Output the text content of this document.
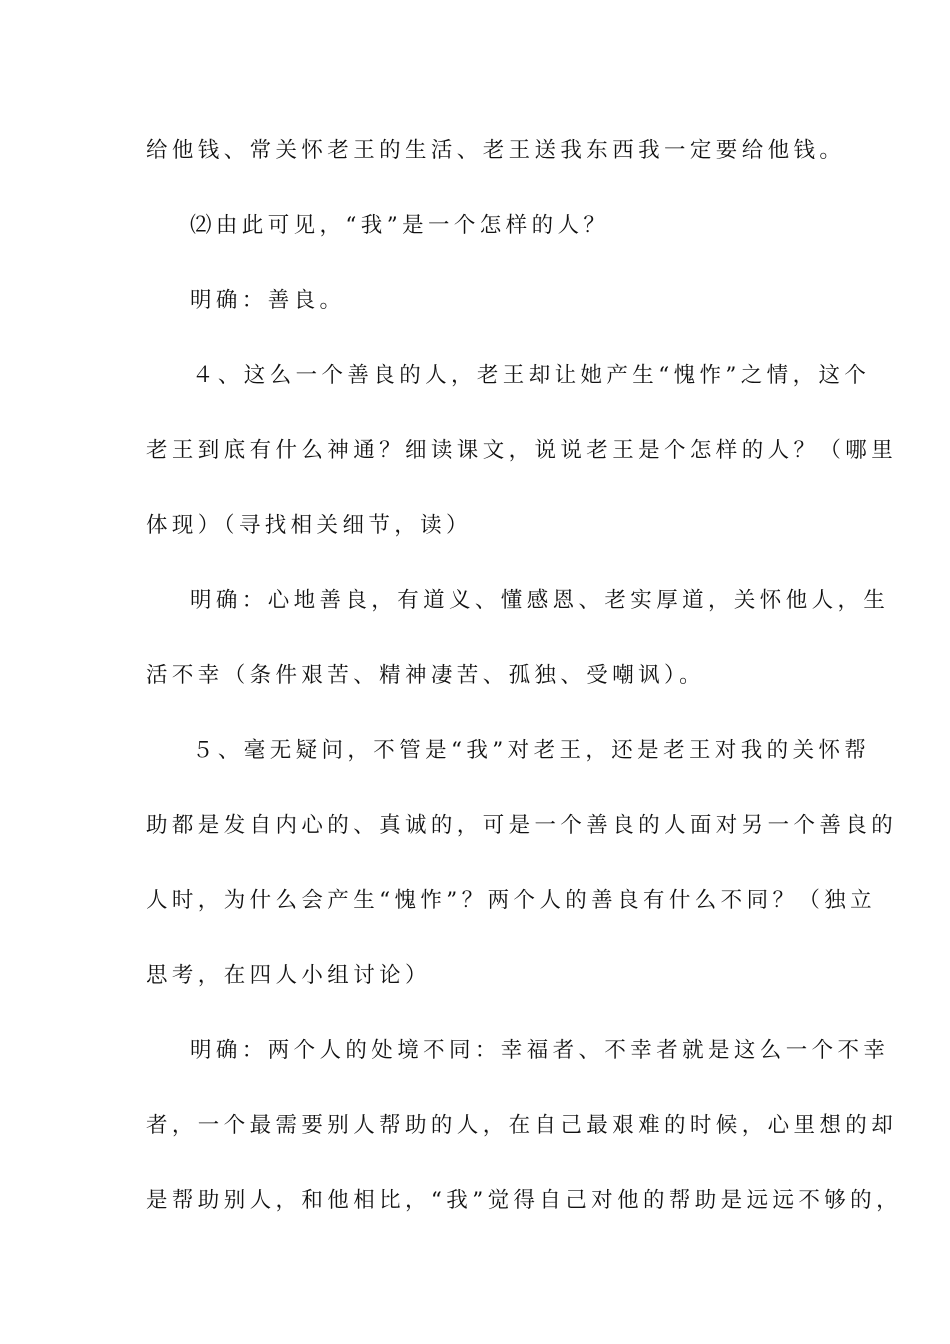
给他钱、常关怀老王的生活、老王送我东西我一定要给他钱。
⑵由此可见，“我”是一个怎样的人？
明确：善良。
４、这么一个善良的人，老王却让她产生“愧怍”之情，这个
老王到底有什么神通？细读课文，说说老王是个怎样的人？（哪里
体现）（寻找相关细节，读）
明确：心地善良，有道义、懂感恩、老实厚道，关怀他人，生
活不幸（条件艰苦、精神凄苦、孤独、受嘲讽）。
５、毫无疑问，不管是“我”对老王，还是老王对我的关怀帮
助都是发自内心的、真诚的，可是一个善良的人面对另一个善良的
人时，为什么会产生“愧怍”？两个人的善良有什么不同？（独立
思考，在四人小组讨论）
明确：两个人的处境不同：幸福者、不幸者就是这么一个不幸
者，一个最需要别人帮助的人，在自己最艰难的时候，心里想的却
是帮助别人，和他相比，“我”觉得自己对他的帮助是远远不够的，
